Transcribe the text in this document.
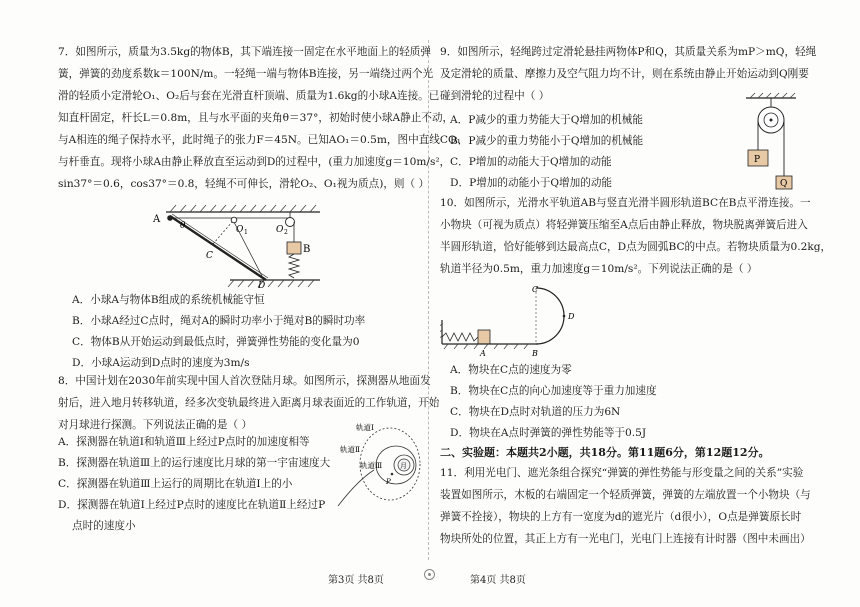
7．如图所示，质量为3.5kg的物体B，其下端连接一固定在水平地面上的轻质弹
簧，弹簧的劲度系数k＝100N/m。一轻绳一端与物体B连接，另一端绕过两个光
滑的轻质小定滑轮O₁、O₂后与套在光滑直杆顶端、质量为1.6kg的小球A连接。已
知直杆固定，杆长L＝0.8m，且与水平面的夹角θ＝37°，初始时使小球A静止不动，
与A相连的绳子保持水平，此时绳子的张力F＝45N。已知AO₁＝0.5m，图中直线CO₁
与杆垂直。现将小球A由静止释放直至运动到D的过程中，(重力加速度g＝10m/s²，
sin37°＝0.6，cos37°＝0.8，轻绳不可伸长，滑轮O₂、O₁视为质点)，则（ ）
A
θ	O 1	O 2
B
C
D
A．小球A与物体B组成的系统机械能守恒
B．小球A经过C点时，绳对A的瞬时功率小于绳对B的瞬时功率
C．物体B从开始运动到最低点时，弹簧弹性势能的变化量为0
D．小球A运动到D点时的速度为3m/s
8．中国计划在2030年前实现中国人首次登陆月球。如图所示，探测器从地面发
射后，进入地月转移轨道，经多次变轨最终进入距离月球表面近的工作轨道，开始
对月球进行探测。下列说法正确的是（ ）
A．探测器在轨道Ⅰ和轨道Ⅲ上经过P点时的加速度相等
B．探测器在轨道Ⅲ上的运行速度比月球的第一宇宙速度大
C．探测器在轨道Ⅲ上运行的周期比在轨道Ⅰ上的小
D．探测器在轨道Ⅰ上经过P点时的速度比在轨道Ⅱ上经过P
点时的速度小
轨道Ⅰ
轨道Ⅱ
轨道Ⅲ	月
P
9．如图所示，轻绳跨过定滑轮悬挂两物体P和Q，其质量关系为mP＞mQ，轻绳
及定滑轮的质量、摩擦力及空气阻力均不计，则在系统由静止开始运动到Q刚要
碰到滑轮的过程中（ ）
A．P减少的重力势能大于Q增加的机械能
B．P减少的重力势能小于Q增加的机械能
C．P增加的动能大于Q增加的动能
D．P增加的动能小于Q增加的动能
P
Q
10．如图所示，光滑水平轨道AB与竖直光滑半圆形轨道BC在B点平滑连接。一
小物块（可视为质点）将轻弹簧压缩至A点后由静止释放，物块脱离弹簧后进入
半圆形轨道，恰好能够到达最高点C，D点为圆弧BC的中点。若物块质量为0.2kg，
轨道半径为0.5m，重力加速度g＝10m/s²。下列说法正确的是（ ）
A	B
C
D
A．物块在C点的速度为零
B．物块在C点的向心加速度等于重力加速度
C．物块在D点时对轨道的压力为6N
D．物块在A点时弹簧的弹性势能等于0.5J
二、实验题：本题共2小题，共18分。第11题6分，第12题12分。
11．利用光电门、遮光条组合探究“弹簧的弹性势能与形变量之间的关系”实验
装置如图所示，木板的右端固定一个轻质弹簧，弹簧的左端放置一个小物块（与
弹簧不拴接），物块的上方有一宽度为d的遮光片（d很小），O点是弹簧原长时
物块所处的位置，其正上方有一光电门，光电门上连接有计时器（图中未画出）
第3页 共8页	第4页 共8页
